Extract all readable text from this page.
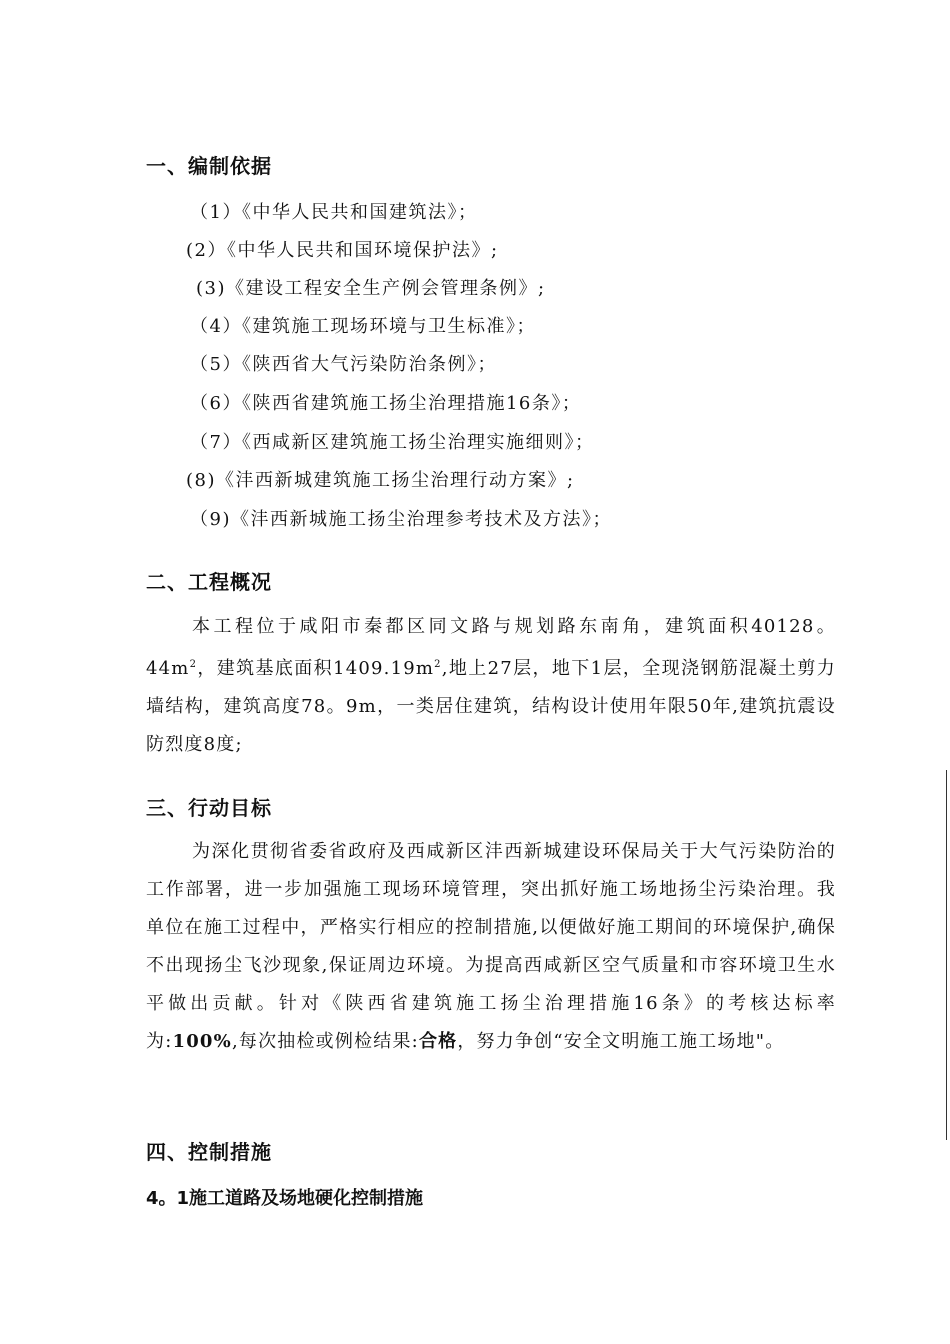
一、编制依据
（1）《中华人民共和国建筑法》；
(2）《中华人民共和国环境保护法》;
(3)《建设工程安全生产例会管理条例》;
（4）《建筑施工现场环境与卫生标准》；
（5）《陕西省大气污染防治条例》；
（6）《陕西省建筑施工扬尘治理措施16条》；
（7）《西咸新区建筑施工扬尘治理实施细则》；
(8)《沣西新城建筑施工扬尘治理行动方案》;
（9)《沣西新城施工扬尘治理参考技术及方法》；
二、工程概况
本工程位于咸阳市秦都区同文路与规划路东南角，建筑面积40128。$44m^2$，建筑基底面积$1409.19m^2$,地上27层，地下1层，全现浇钢筋混凝土剪力墙结构，建筑高度78。9m，一类居住建筑，结构设计使用年限50年,建筑抗震设防烈度8度;
三、行动目标
为深化贯彻省委省政府及西咸新区沣西新城建设环保局关于大气污染防治的工作部署，进一步加强施工现场环境管理，突出抓好施工场地扬尘污染治理。我单位在施工过程中，严格实行相应的控制措施,以便做好施工期间的环境保护,确保不出现扬尘飞沙现象,保证周边环境。为提高西咸新区空气质量和市容环境卫生水平做出贡献。针对《陕西省建筑施工扬尘治理措施16条》的考核达标率为:100%,每次抽检或例检结果:合格，努力争创“安全文明施工施工场地"。
四、控制措施
4。1施工道路及场地硬化控制措施
